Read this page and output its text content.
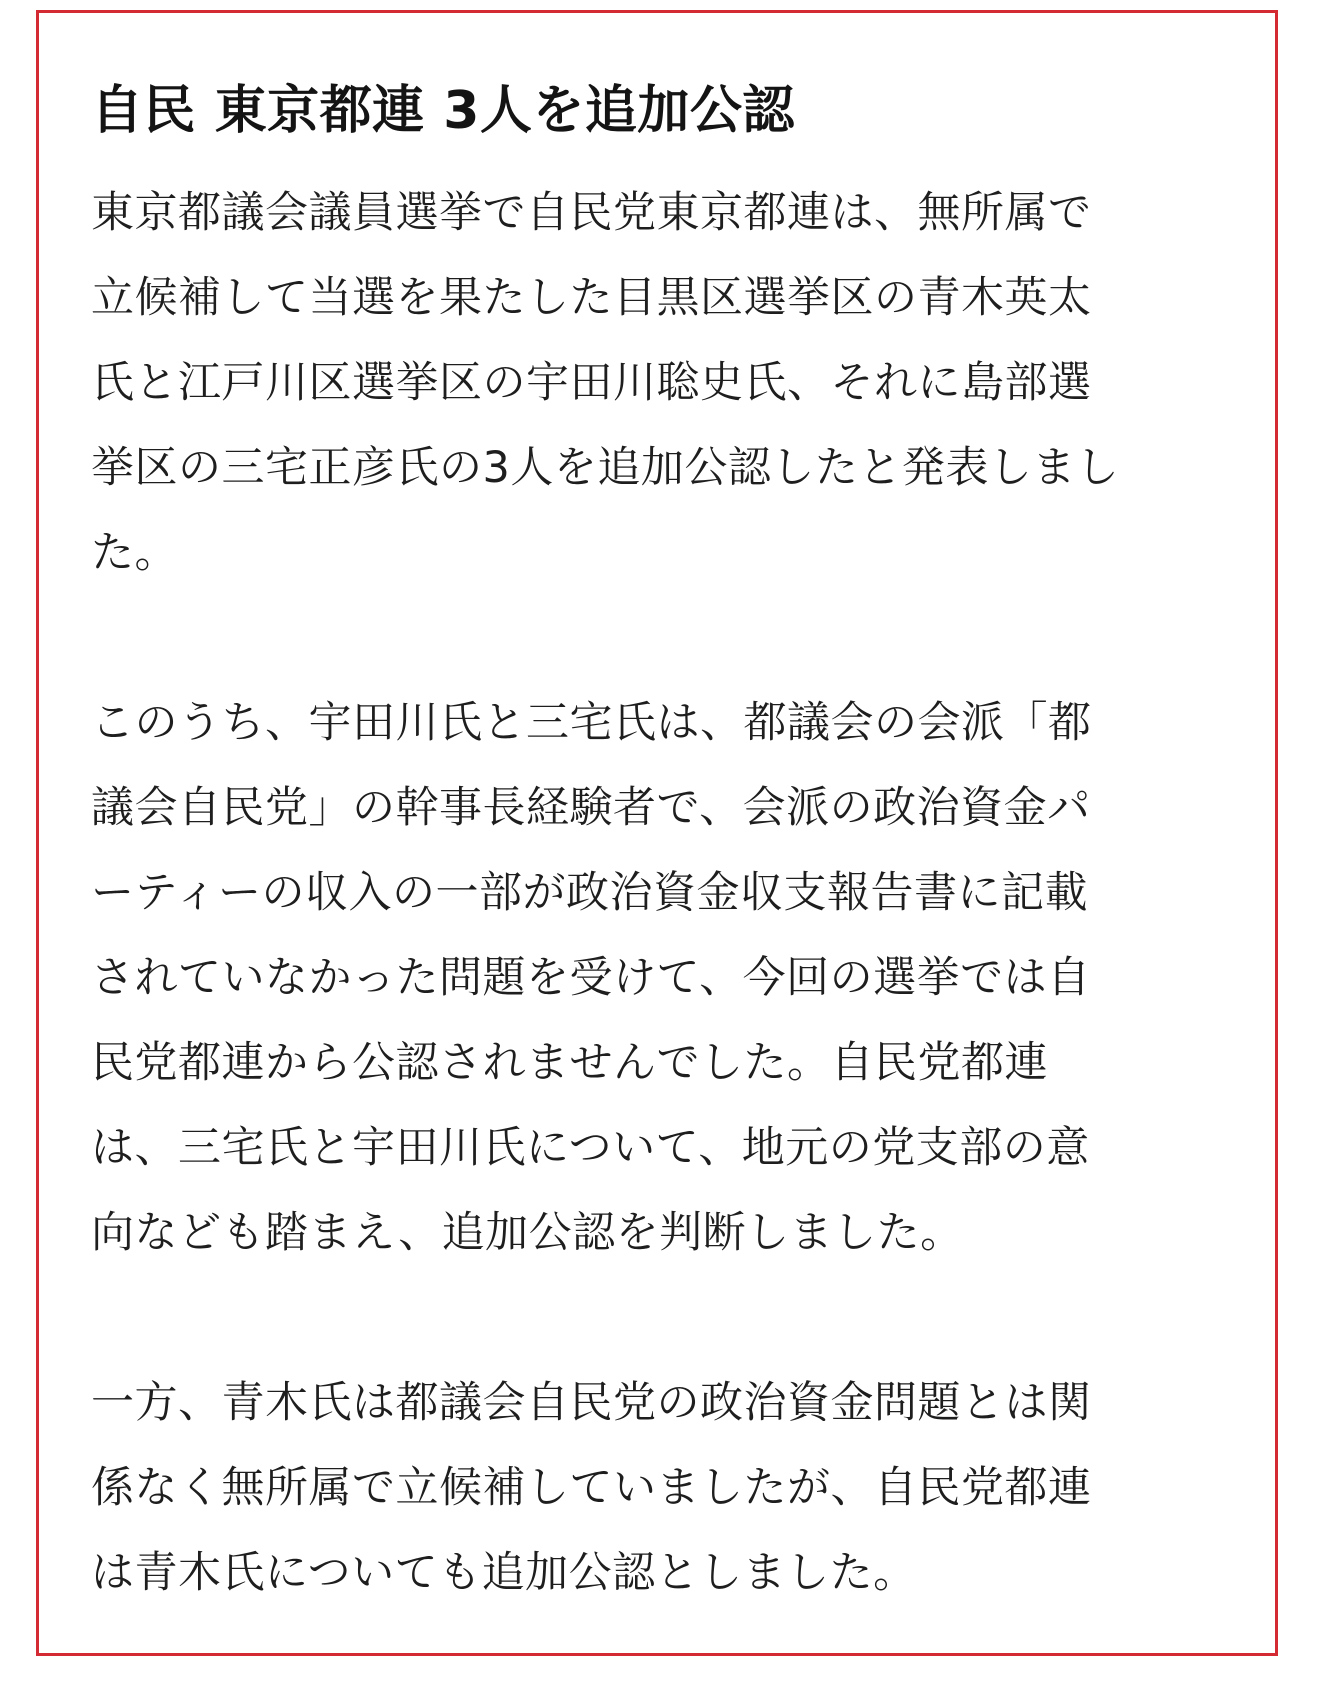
自民 東京都連 3人を追加公認

東京都議会議員選挙で自民党東京都連は、無所属で
立候補して当選を果たした目黒区選挙区の青木英太
氏と江戸川区選挙区の宇田川聡史氏、それに島部選
挙区の三宅正彦氏の3人を追加公認したと発表しまし
た。

このうち、宇田川氏と三宅氏は、都議会の会派「都
議会自民党」の幹事長経験者で、会派の政治資金パ
ーティーの収入の一部が政治資金収支報告書に記載
されていなかった問題を受けて、今回の選挙では自
民党都連から公認されませんでした。自民党都連
は、三宅氏と宇田川氏について、地元の党支部の意
向なども踏まえ、追加公認を判断しました。

一方、青木氏は都議会自民党の政治資金問題とは関
係なく無所属で立候補していましたが、自民党都連
は青木氏についても追加公認としました。
